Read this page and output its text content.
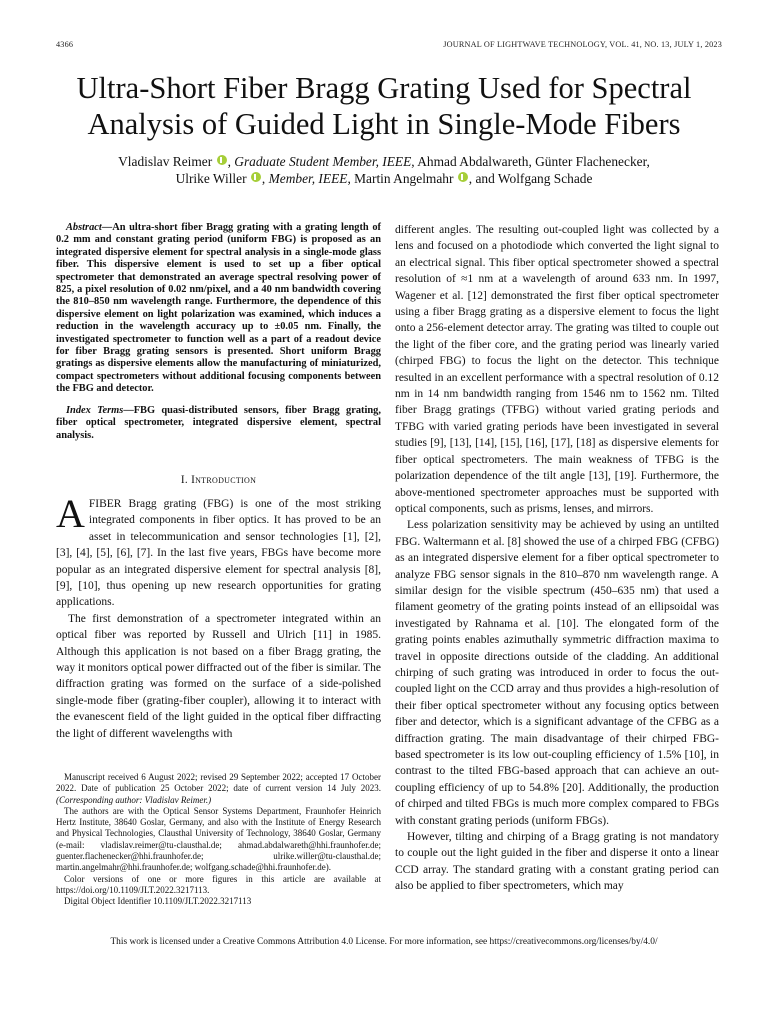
4366	JOURNAL OF LIGHTWAVE TECHNOLOGY, VOL. 41, NO. 13, JULY 1, 2023
Ultra-Short Fiber Bragg Grating Used for Spectral Analysis of Guided Light in Single-Mode Fibers
Vladislav Reimer , Graduate Student Member, IEEE, Ahmad Abdalwareth, Günter Flachenecker,
Ulrike Willer , Member, IEEE, Martin Angelmahr , and Wolfgang Schade

Abstract—An ultra-short fiber Bragg grating with a grating length of 0.2 mm and constant grating period (uniform FBG) is proposed as an integrated dispersive element for spectral analysis in a single-mode glass fiber. This dispersive element is used to set up a fiber optical spectrometer that demonstrated an average spectral resolving power of 825, a pixel resolution of 0.02 nm/pixel, and a 40 nm bandwidth covering the 810–850 nm wavelength range. Furthermore, the dependence of this dispersive element on light polarization was examined, which induces a reduction in the wavelength accuracy up to ±0.05 nm. Finally, the investigated spectrometer to function well as a part of a readout device for fiber Bragg grating sensors is presented. Short uniform Bragg gratings as dispersive elements allow the manufacturing of miniaturized, compact spectrometers without additional focusing components between the FBG and detector.

Index Terms—FBG quasi-distributed sensors, fiber Bragg grating, fiber optical spectrometer, integrated dispersive element, spectral analysis.

I. Introduction

AFIBER Bragg grating (FBG) is one of the most striking integrated components in fiber optics. It has proved to be an asset in telecommunication and sensor technologies [1], [2], [3], [4], [5], [6], [7]. In the last five years, FBGs have become more popular as an integrated dispersive element for spectral analysis [8], [9], [10], thus opening up new research opportunities for grating applications.

The first demonstration of a spectrometer integrated within an optical fiber was reported by Russell and Ulrich [11] in 1985. Although this application is not based on a fiber Bragg grating, the way it monitors optical power diffracted out of the fiber is similar. The diffraction grating was formed on the surface of a side-polished single-mode fiber (grating-fiber coupler), allowing it to interact with the evanescent field of the light guided in the optical fiber diffracting the light of different wavelengths with

Manuscript received 6 August 2022; revised 29 September 2022; accepted 17 October 2022. Date of publication 25 October 2022; date of current version 14 July 2023. (Corresponding author: Vladislav Reimer.)

The authors are with the Optical Sensor Systems Department, Fraunhofer Heinrich Hertz Institute, 38640 Goslar, Germany, and also with the Institute of Energy Research and Physical Technologies, Clausthal University of Technology, 38640 Goslar, Germany (e-mail: vladislav.reimer@tu-clausthal.de; ahmad.abdalwareth@hhi.fraunhofer.de; guenter.flachenecker@hhi.fraunhofer.de; ulrike.willer@tu-clausthal.de; martin.angelmahr@hhi.fraunhofer.de; wolfgang.schade@hhi.fraunhofer.de).

Color versions of one or more figures in this article are available at https://doi.org/10.1109/JLT.2022.3217113.

Digital Object Identifier 10.1109/JLT.2022.3217113

different angles. The resulting out-coupled light was collected by a lens and focused on a photodiode which converted the light signal to an electrical signal. This fiber optical spectrometer showed a spectral resolution of ≈1 nm at a wavelength of around 633 nm. In 1997, Wagener et al. [12] demonstrated the first fiber optical spectrometer using a fiber Bragg grating as a dispersive element to focus the light onto a 256-element detector array. The grating was tilted to couple out the light of the fiber core, and the grating period was linearly varied (chirped FBG) to focus the light on the detector. This technique resulted in an excellent performance with a spectral resolution of 0.12 nm in 14 nm bandwidth ranging from 1546 nm to 1562 nm. Tilted fiber Bragg gratings (TFBG) without varied grating periods and TFBG with varied grating periods have been investigated in several studies [9], [13], [14], [15], [16], [17], [18] as dispersive elements for fiber optical spectrometers. The main weakness of TFBG is the polarization dependence of the tilt angle [13], [19]. Furthermore, the above-mentioned spectrometer approaches must be supported with optical components, such as prisms, lenses, and mirrors.

Less polarization sensitivity may be achieved by using an untilted FBG. Waltermann et al. [8] showed the use of a chirped FBG (CFBG) as an integrated dispersive element for a fiber optical spectrometer to analyze FBG sensor signals in the 810–870 nm wavelength range. A similar design for the visible spectrum (450–635 nm) that used a filament geometry of the grating points instead of an ellipsoidal was investigated by Rahnama et al. [10]. The elongated form of the grating points enables azimuthally symmetric diffraction maxima to travel in opposite directions outside of the cladding. An additional chirping of such grating was introduced in order to focus the out-coupled light on the CCD array and thus provides a high-resolution of their fiber optical spectrometer without any focusing optics between fiber and detector, which is a significant advantage of the CFBG as a diffraction grating. The main disadvantage of their chirped FBG-based spectrometer is its low out-coupling efficiency of 1.5% [10], in contrast to the tilted FBG-based approach that can achieve an out-coupling efficiency of up to 54.8% [20]. Additionally, the production of chirped and tilted FBGs is much more complex compared to FBGs with constant grating periods (uniform FBGs).

However, tilting and chirping of a Bragg grating is not mandatory to couple out the light guided in the fiber and disperse it onto a linear CCD array. The standard grating with a constant grating period can also be applied to fiber spectrometers, which may

This work is licensed under a Creative Commons Attribution 4.0 License. For more information, see https://creativecommons.org/licenses/by/4.0/
